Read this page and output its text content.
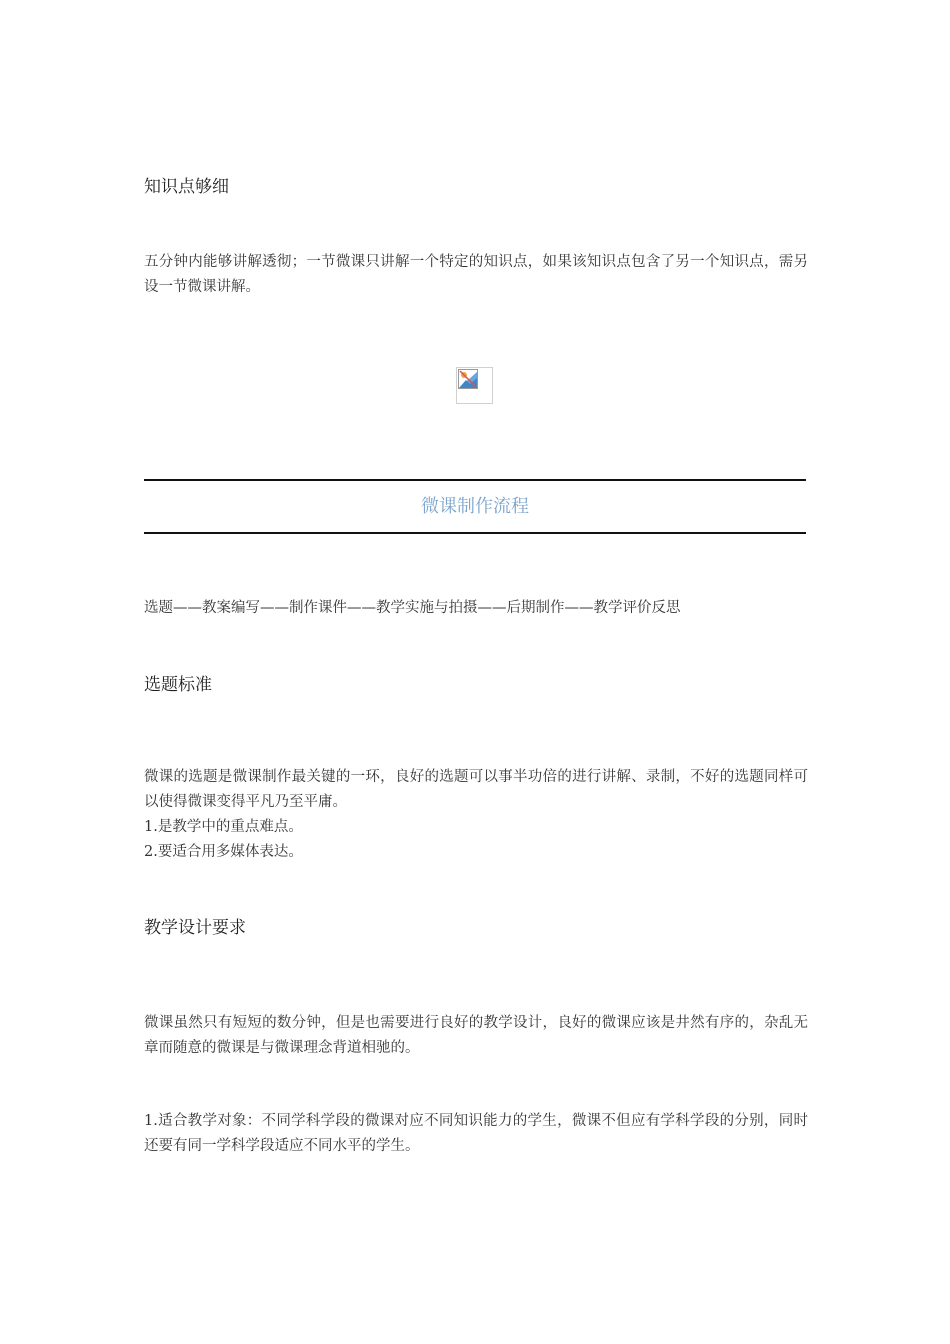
知识点够细

五分钟内能够讲解透彻；一节微课只讲解一个特定的知识点，如果该知识点包含了另一个知识点，需另设一节微课讲解。

微课制作流程

选题——教案编写——制作课件——教学实施与拍摄——后期制作——教学评价反思

选题标准

微课的选题是微课制作最关键的一环，良好的选题可以事半功倍的进行讲解、录制，不好的选题同样可以使得微课变得平凡乃至平庸。

1.是教学中的重点难点。

2.要适合用多媒体表达。

教学设计要求

微课虽然只有短短的数分钟，但是也需要进行良好的教学设计，良好的微课应该是井然有序的，杂乱无章而随意的微课是与微课理念背道相驰的。

1.适合教学对象：不同学科学段的微课对应不同知识能力的学生，微课不但应有学科学段的分别，同时还要有同一学科学段适应不同水平的学生。
